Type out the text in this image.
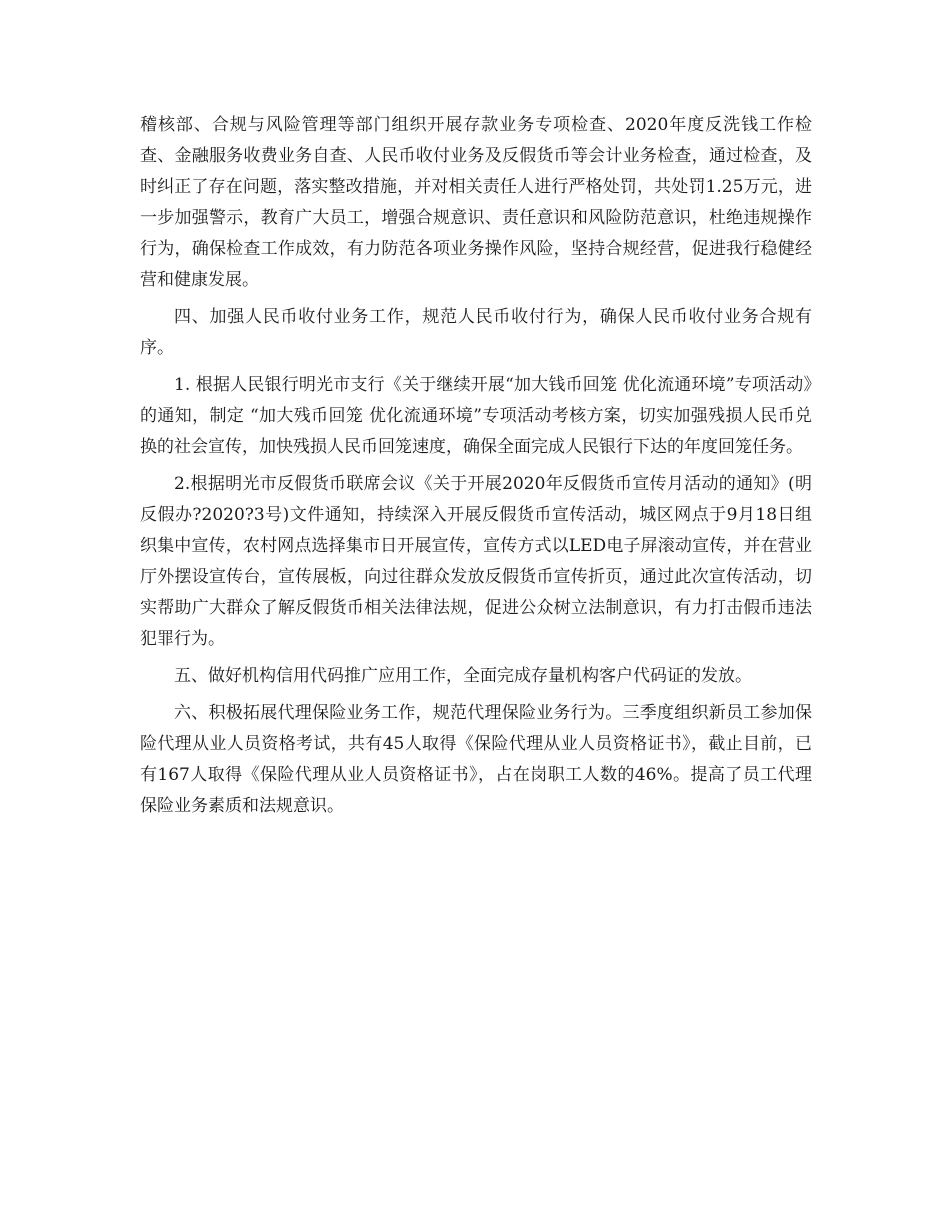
稽核部、合规与风险管理等部门组织开展存款业务专项检查、2020年度反洗钱工作检查、金融服务收费业务自查、人民币收付业务及反假货币等会计业务检查，通过检查，及时纠正了存在问题，落实整改措施，并对相关责任人进行严格处罚，共处罚1.25万元，进一步加强警示，教育广大员工，增强合规意识、责任意识和风险防范意识，杜绝违规操作行为，确保检查工作成效，有力防范各项业务操作风险，坚持合规经营，促进我行稳健经营和健康发展。

四、加强人民币收付业务工作，规范人民币收付行为，确保人民币收付业务合规有序。

1. 根据人民银行明光市支行《关于继续开展“加大钱币回笼 优化流通环境”专项活动》的通知，制定 “加大残币回笼 优化流通环境”专项活动考核方案，切实加强残损人民币兑换的社会宣传，加快残损人民币回笼速度，确保全面完成人民银行下达的年度回笼任务。

2.根据明光市反假货币联席会议《关于开展2020年反假货币宣传月活动的通知》(明反假办?2020?3号)文件通知，持续深入开展反假货币宣传活动，城区网点于9月18日组织集中宣传，农村网点选择集市日开展宣传，宣传方式以LED电子屏滚动宣传，并在营业厅外摆设宣传台，宣传展板，向过往群众发放反假货币宣传折页，通过此次宣传活动，切实帮助广大群众了解反假货币相关法律法规，促进公众树立法制意识，有力打击假币违法犯罪行为。

五、做好机构信用代码推广应用工作，全面完成存量机构客户代码证的发放。

六、积极拓展代理保险业务工作，规范代理保险业务行为。三季度组织新员工参加保险代理从业人员资格考试，共有45人取得《保险代理从业人员资格证书》，截止目前，已有167人取得《保险代理从业人员资格证书》，占在岗职工人数的46%。提高了员工代理保险业务素质和法规意识。
